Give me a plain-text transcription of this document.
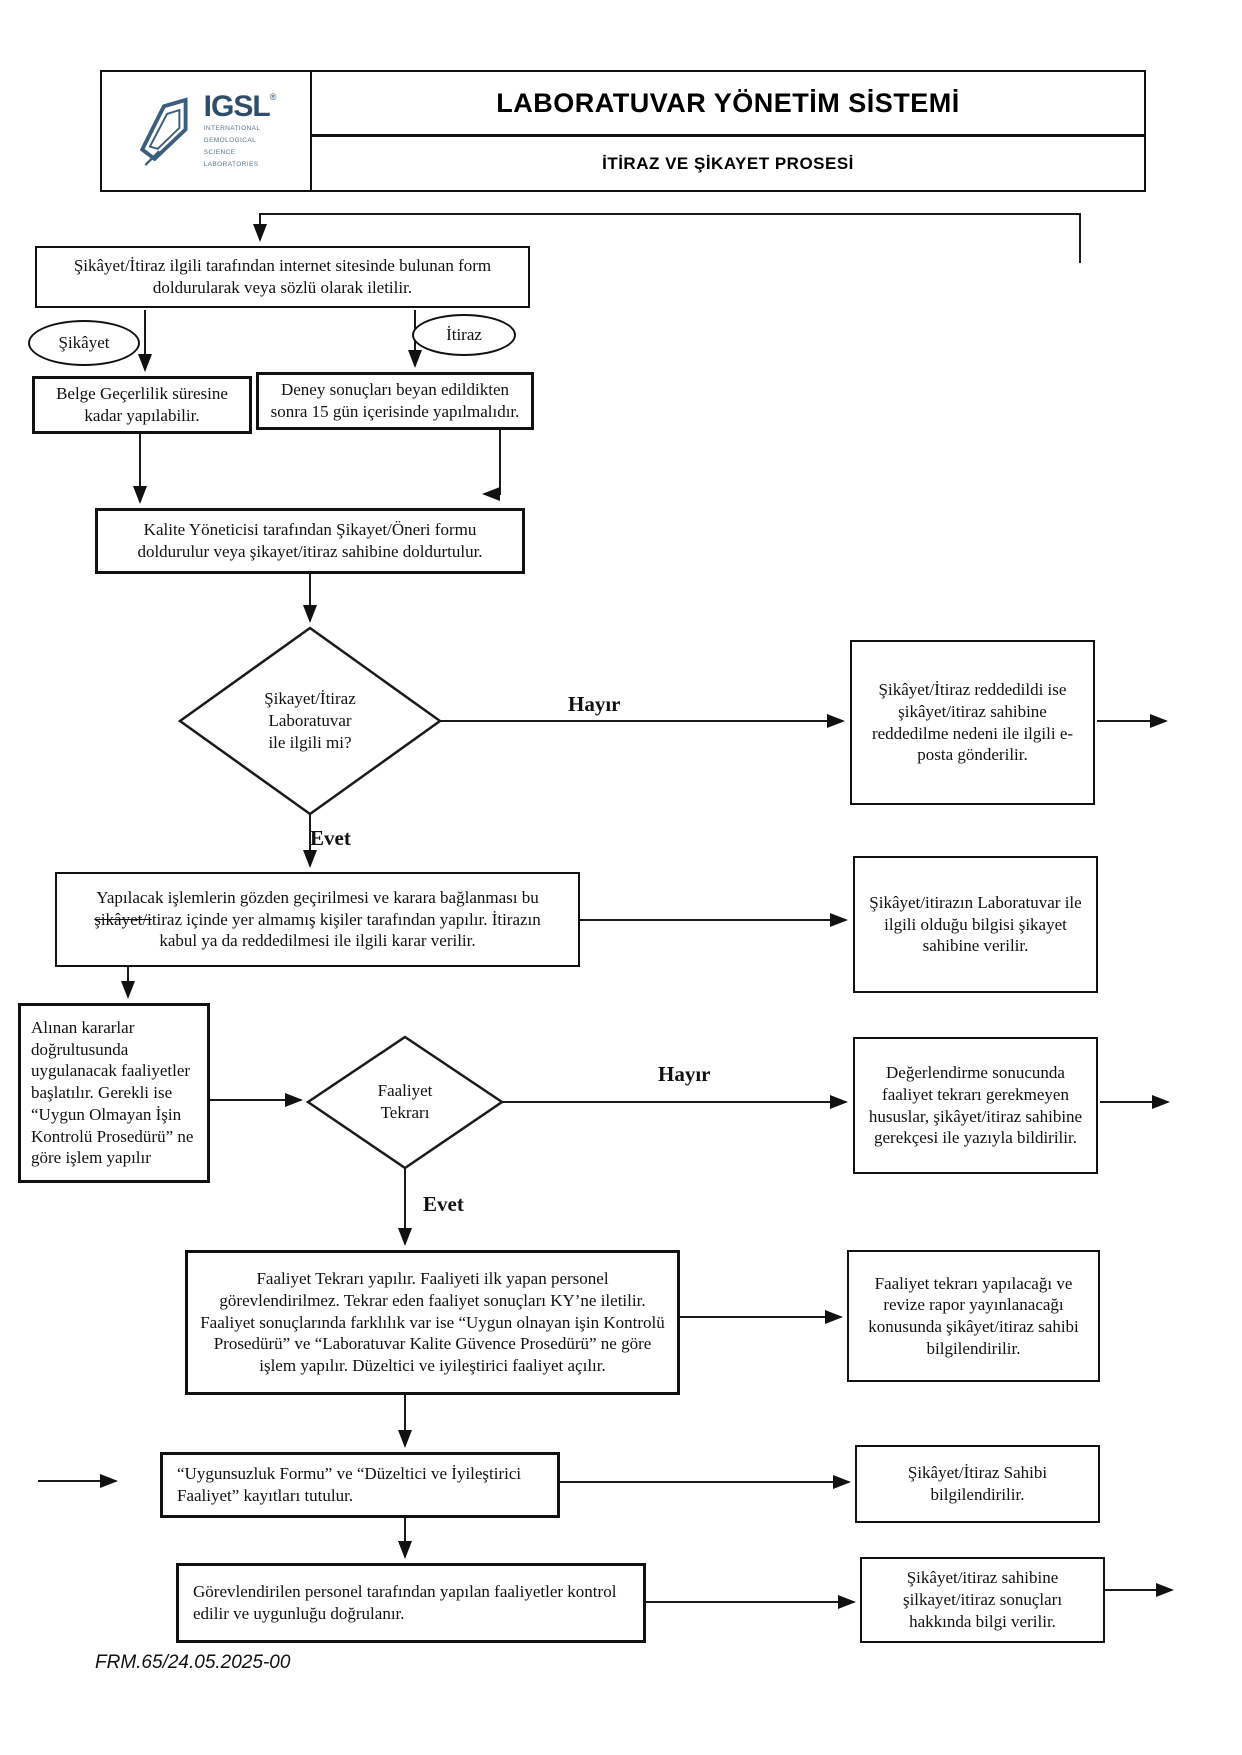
IGSL ®
INTERNATIONAL
GEMOLOGICAL
SCIENCE
LABORATORIES
LABORATUVAR YÖNETİM SİSTEMİ
İTİRAZ VE ŞİKAYET PROSESİ
Şikâyet/İtiraz ilgili tarafından internet sitesinde bulunan form doldurularak veya sözlü olarak iletilir.
Şikâyet	İtiraz
Belge Geçerlilik süresine kadar yapılabilir.
Deney sonuçları beyan edildikten sonra 15 gün içerisinde yapılmalıdır.
Kalite Yöneticisi tarafından Şikayet/Öneri formu doldurulur veya şikayet/itiraz sahibine doldurtulur.
Şikayet/İtiraz
Laboratuvar
ile ilgili mi?
Hayır
Evet
Şikâyet/İtiraz reddedildi ise şikâyet/itiraz sahibine reddedilme nedeni ile ilgili e-posta gönderilir.
Yapılacak işlemlerin gözden geçirilmesi ve karara bağlanması bu
şikâyet/itiraz içinde yer almamış kişiler tarafından yapılır. İtirazın
kabul ya da reddedilmesi ile ilgili karar verilir.
Şikâyet/itirazın Laboratuvar ile ilgili olduğu bilgisi şikayet sahibine verilir.
Alınan kararlar doğrultusunda uygulanacak faaliyetler başlatılır. Gerekli ise “Uygun Olmayan İşin Kontrolü Prosedürü” ne göre işlem yapılır
Faaliyet
Tekrarı
Hayır
Evet
Değerlendirme sonucunda faaliyet tekrarı gerekmeyen hususlar, şikâyet/itiraz sahibine gerekçesi ile yazıyla bildirilir.
Faaliyet Tekrarı yapılır. Faaliyeti ilk yapan personel görevlendirilmez. Tekrar eden faaliyet sonuçları KY’ne iletilir. Faaliyet sonuçlarında farklılık var ise “Uygun olnayan işin Kontrolü Prosedürü” ve “Laboratuvar Kalite Güvence Prosedürü” ne göre işlem yapılır. Düzeltici ve iyileştirici faaliyet açılır.
Faaliyet tekrarı yapılacağı ve revize rapor yayınlanacağı konusunda şikâyet/itiraz sahibi bilgilendirilir.
“Uygunsuzluk Formu” ve “Düzeltici ve İyileştirici Faaliyet” kayıtları tutulur.
Şikâyet/İtiraz Sahibi bilgilendirilir.
Görevlendirilen personel tarafından yapılan faaliyetler kontrol edilir ve uygunluğu doğrulanır.
Şikâyet/itiraz sahibine şilkayet/itiraz sonuçları hakkında bilgi verilir.
FRM.65/24.05.2025-00
